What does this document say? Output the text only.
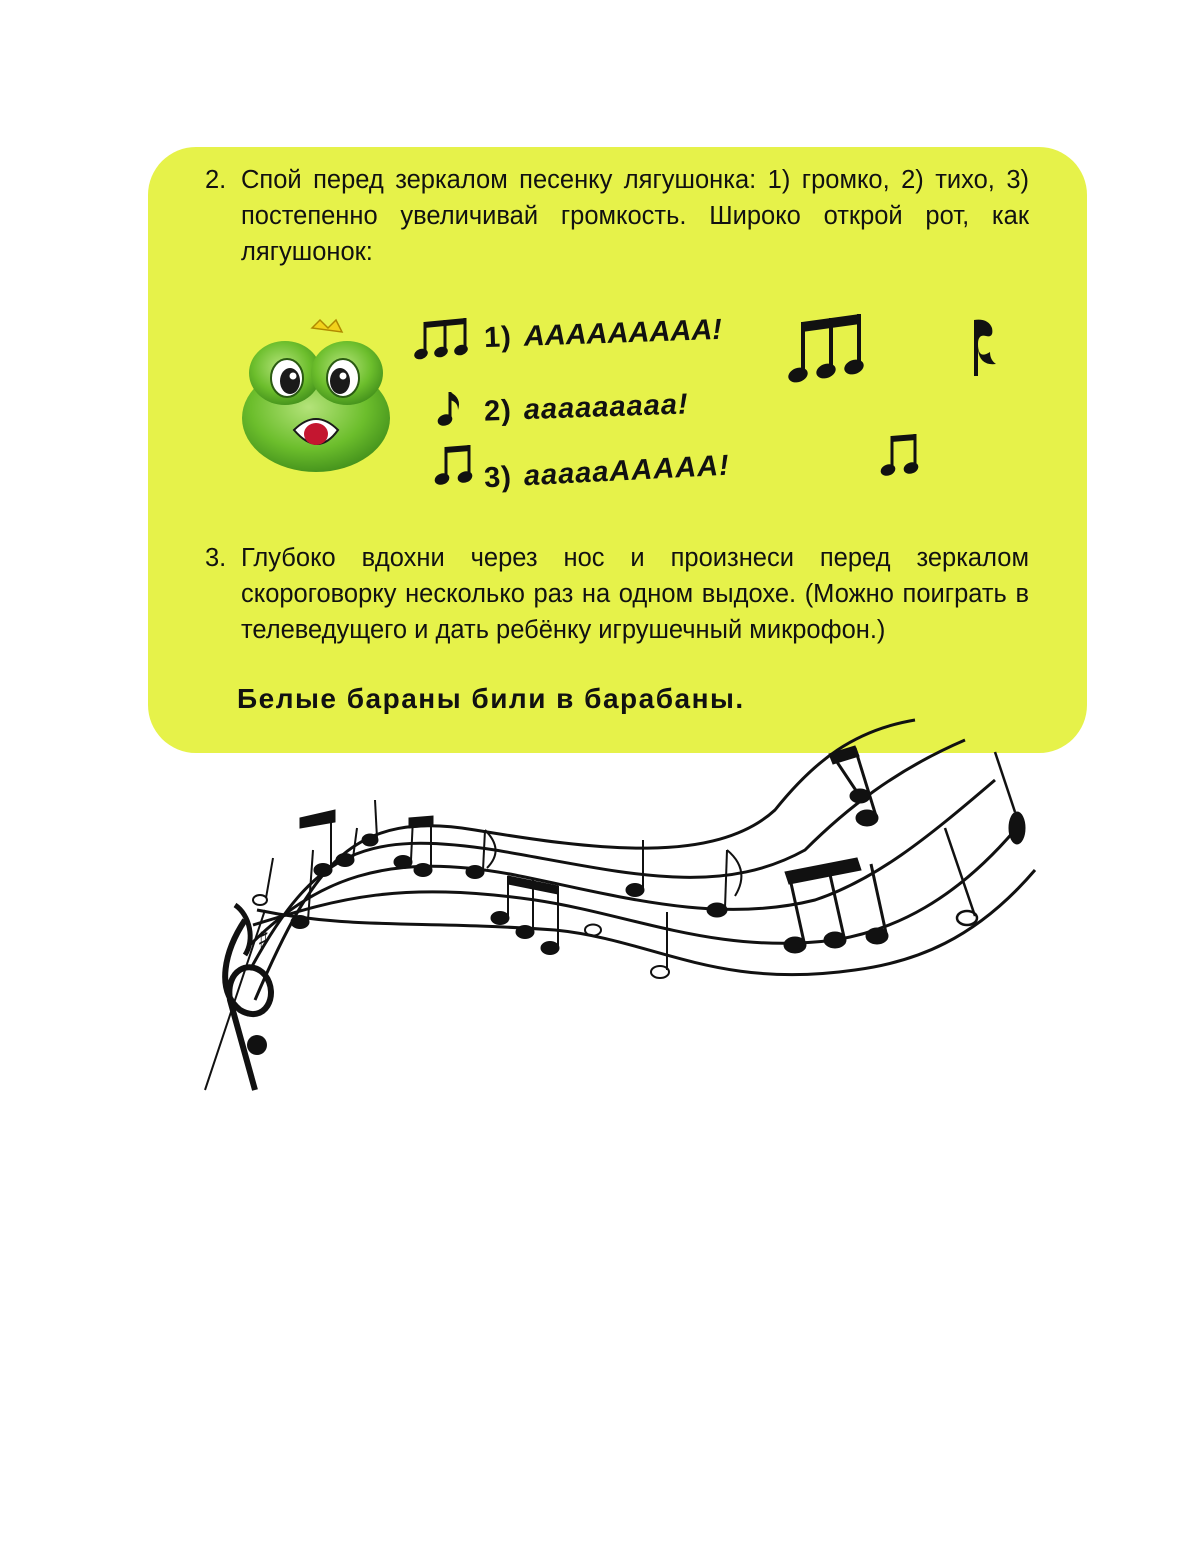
2. Спой перед зеркалом песенку лягушонка: 1) громко, 2) тихо, 3) постепенно увеличивай громкость. Широко открой рот, как лягушонок:
1) AAAAAAAAA!
2) ааааааааа!
3) аааааAAAAA!
3. Глубоко вдохни через нос и произнеси перед зеркалом скороговорку несколько раз на одном выдохе. (Можно поиграть в телеведущего и дать ребёнку игрушечный микрофон.)
Белые бараны били в барабаны.
♯
